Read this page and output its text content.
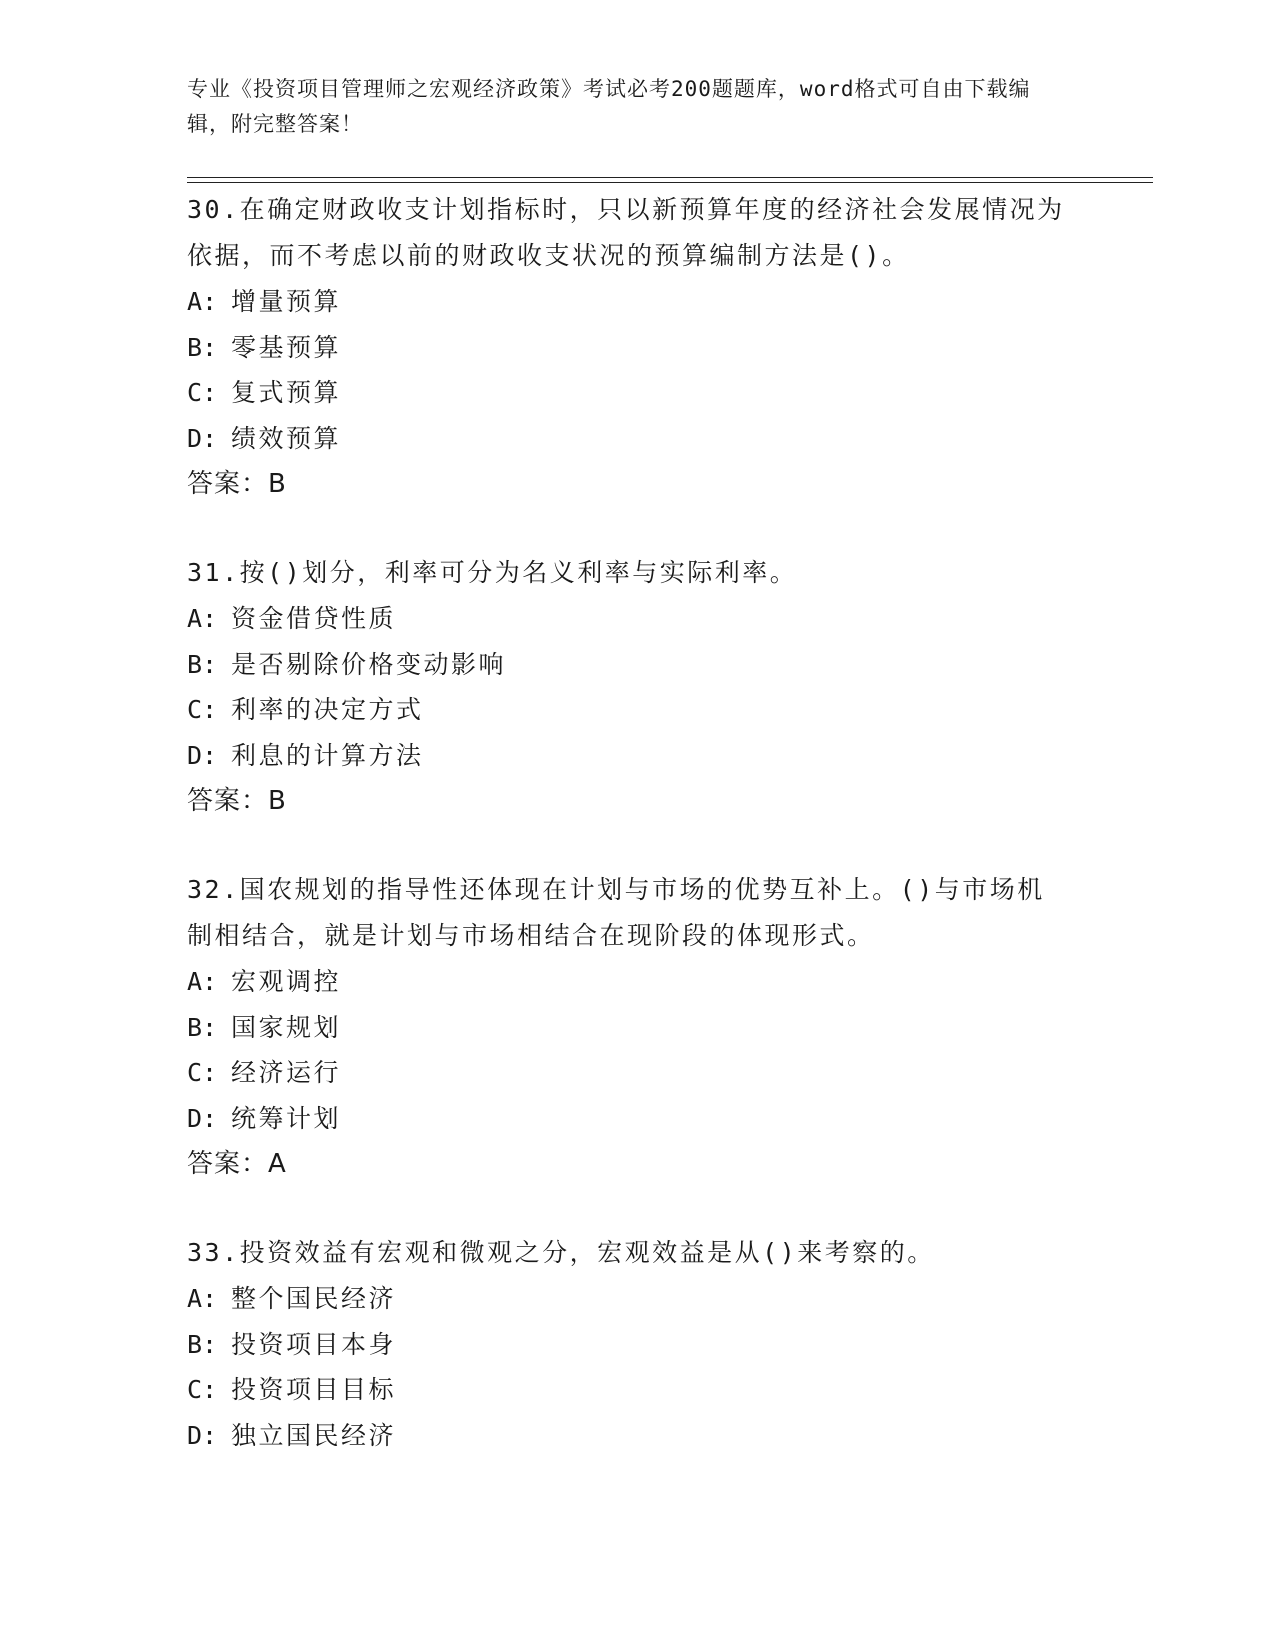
专业《投资项目管理师之宏观经济政策》考试必考200题题库，word格式可自由下载编辑，附完整答案！

30.在确定财政收支计划指标时，只以新预算年度的经济社会发展情况为依据，而不考虑以前的财政收支状况的预算编制方法是()。

A: 增量预算

B: 零基预算

C: 复式预算

D: 绩效预算

答案：B

31.按()划分，利率可分为名义利率与实际利率。

A: 资金借贷性质

B: 是否剔除价格变动影响

C: 利率的决定方式

D: 利息的计算方法

答案：B

32.国农规划的指导性还体现在计划与市场的优势互补上。()与市场机制相结合，就是计划与市场相结合在现阶段的体现形式。

A: 宏观调控

B: 国家规划

C: 经济运行

D: 统筹计划

答案：A

33.投资效益有宏观和微观之分，宏观效益是从()来考察的。

A: 整个国民经济

B: 投资项目本身

C: 投资项目目标

D: 独立国民经济
